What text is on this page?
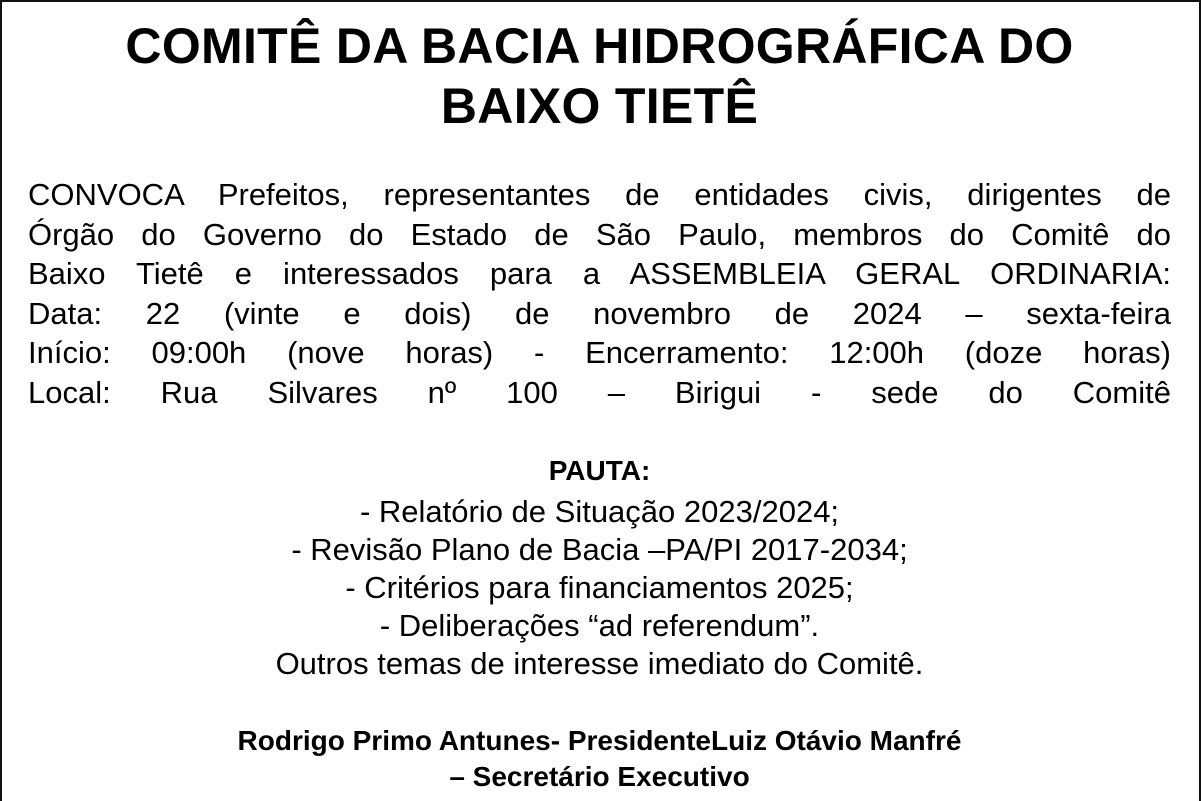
COMITÊ DA BACIA HIDROGRÁFICA DO
BAIXO TIETÊ
CONVOCA Prefeitos, representantes de entidades civis, dirigentes de
Órgão do Governo do Estado de São Paulo, membros do Comitê do
Baixo Tietê e interessados para a ASSEMBLEIA GERAL ORDINARIA:
Data: 22 (vinte e dois) de novembro de 2024 – sexta-feira
Início: 09:00h (nove horas) - Encerramento: 12:00h (doze horas)
Local: Rua Silvares nº 100 – Birigui - sede do Comitê
PAUTA:
- Relatório de Situação 2023/2024;
- Revisão Plano de Bacia –PA/PI 2017-2034;
- Critérios para financiamentos 2025;
- Deliberações “ad referendum”.
Outros temas de interesse imediato do Comitê.
Rodrigo Primo Antunes- PresidenteLuiz Otávio Manfré
– Secretário Executivo
